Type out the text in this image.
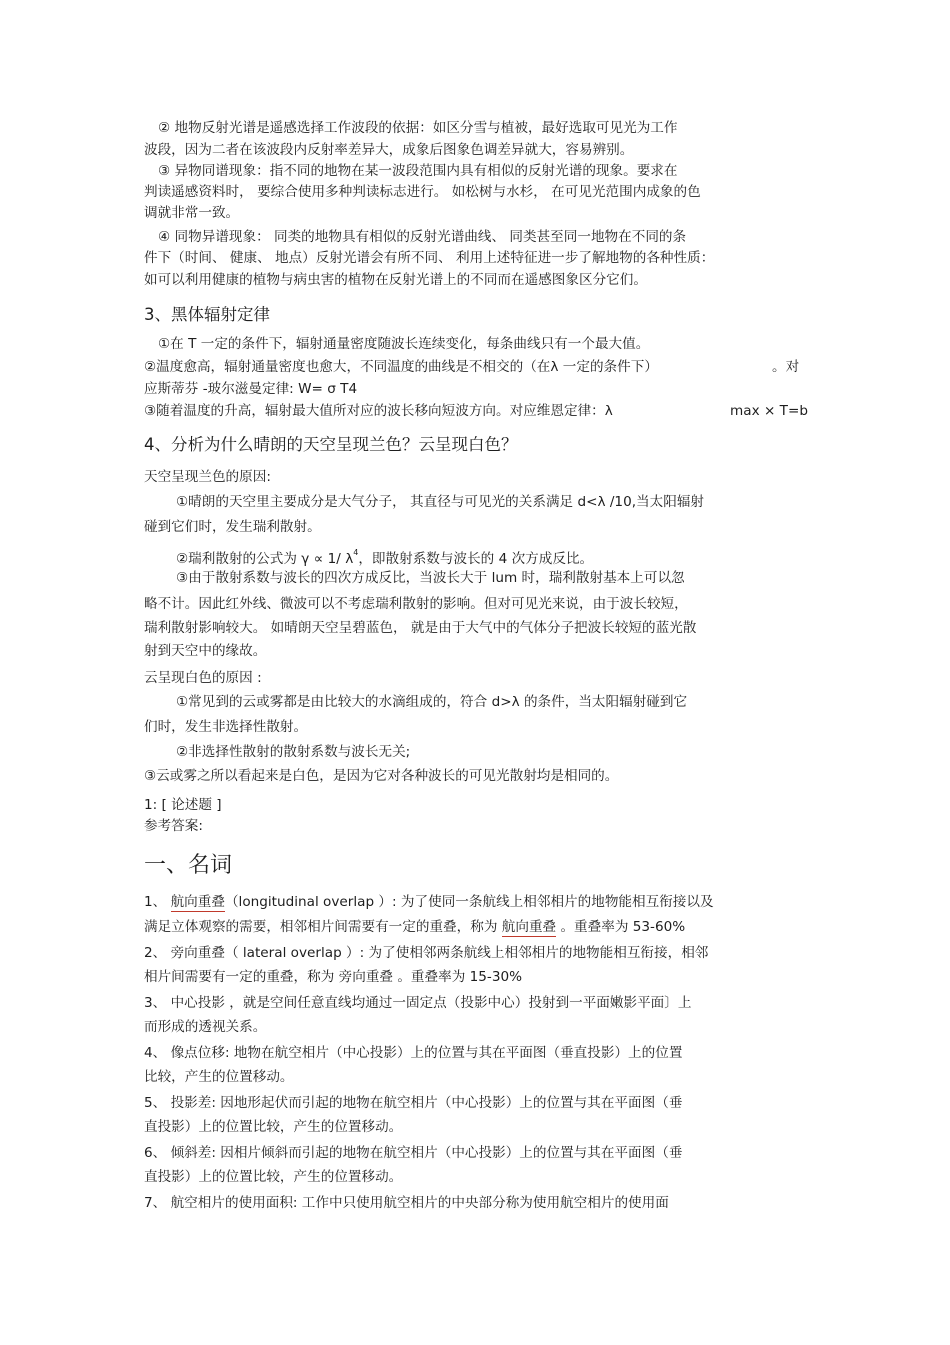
② 地物反射光谱是遥感选择工作波段的依据：如区分雪与植被，最好选取可见光为工作
波段，因为二者在该波段内反射率差异大，成象后图象色调差异就大，容易辨别。
③ 异物同谱现象：指不同的地物在某一波段范围内具有相似的反射光谱的现象。要求在
判读遥感资料时， 要综合使用多种判读标志进行。 如松树与水杉， 在可见光范围内成象的色
调就非常一致。
④ 同物异谱现象： 同类的地物具有相似的反射光谱曲线、 同类甚至同一地物在不同的条
件下（时间、 健康、 地点）反射光谱会有所不同、 利用上述特征进一步了解地物的各种性质：
如可以利用健康的植物与病虫害的植物在反射光谱上的不同而在遥感图象区分它们。
3、黑体辐射定律
①在 T 一定的条件下，辐射通量密度随波长连续变化，每条曲线只有一个最大值。
②温度愈高，辐射通量密度也愈大，不同温度的曲线是不相交的（在λ 一定的条件下）	。对
应斯蒂芬 -玻尔滋曼定律: W= σ T4
③随着温度的升高，辐射最大值所对应的波长移向短波方向。对应维恩定律：λ	max × T=b
4、分析为什么晴朗的天空呈现兰色？云呈现白色？
天空呈现兰色的原因:
①晴朗的天空里主要成分是大气分子， 其直径与可见光的关系满足 d<λ /10,当太阳辐射
碰到它们时，发生瑞利散射。
②瑞利散射的公式为 γ ∝ 1/ $\lambda^4$，即散射系数与波长的 4 次方成反比。
③由于散射系数与波长的四次方成反比，当波长大于 lum 时，瑞利散射基本上可以忽
略不计。因此红外线、微波可以不考虑瑞利散射的影响。但对可见光来说，由于波长较短，
瑞利散射影响较大。 如晴朗天空呈碧蓝色， 就是由于大气中的气体分子把波长较短的蓝光散
射到天空中的缘故。
云呈现白色的原因 :
①常见到的云或雾都是由比较大的水滴组成的，符合 d>λ 的条件，当太阳辐射碰到它
们时，发生非选择性散射。
②非选择性散射的散射系数与波长无关;
③云或雾之所以看起来是白色，是因为它对各种波长的可见光散射均是相同的。
1: [ 论述题 ]
参考答案:
一、名词
1、 航向重叠（longitudinal overlap ）: 为了使同一条航线上相邻相片的地物能相互衔接以及
满足立体观察的需要，相邻相片间需要有一定的重叠，称为 航向重叠 。重叠率为 53-60%
2、 旁向重叠（ lateral overlap ）: 为了使相邻两条航线上相邻相片的地物能相互衔接，相邻
相片间需要有一定的重叠，称为 旁向重叠 。重叠率为 15-30%
3、 中心投影 ，就是空间任意直线均通过一固定点（投影中心）投射到一平面嫩影平面〕上
而形成的透视关系。
4、 像点位移: 地物在航空相片（中心投影）上的位置与其在平面图（垂直投影）上的位置
比较，产生的位置移动。
5、 投影差: 因地形起伏而引起的地物在航空相片（中心投影）上的位置与其在平面图（垂
直投影）上的位置比较，产生的位置移动。
6、 倾斜差: 因相片倾斜而引起的地物在航空相片（中心投影）上的位置与其在平面图（垂
直投影）上的位置比较，产生的位置移动。
7、 航空相片的使用面积: 工作中只使用航空相片的中央部分称为使用航空相片的使用面
